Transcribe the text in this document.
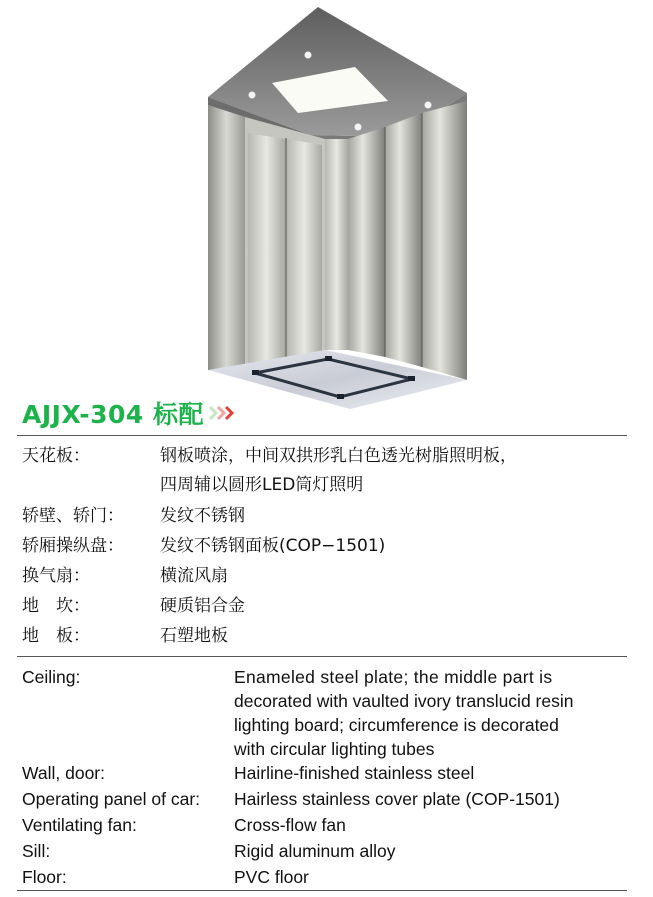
AJJX-304 标配
天花板：	钢板喷涂，中间双拱形乳白色透光树脂照明板，
四周辅以圆形LED筒灯照明
轿壁、轿门：	发纹不锈钢
轿厢操纵盘：	发纹不锈钢面板(COP−1501)
换气扇：	横流风扇
地　坎：	硬质铝合金
地　板：	石塑地板
Ceiling:	Enameled steel plate; the middle part is
decorated with vaulted ivory translucid resin
lighting board; circumference is decorated
with circular lighting tubes
Wall, door:	Hairline-finished stainless steel
Operating panel of car: Hairless stainless cover plate (COP-1501)
Ventilating fan:	Cross-flow fan
Sill:	Rigid aluminum alloy
Floor:	PVC floor
